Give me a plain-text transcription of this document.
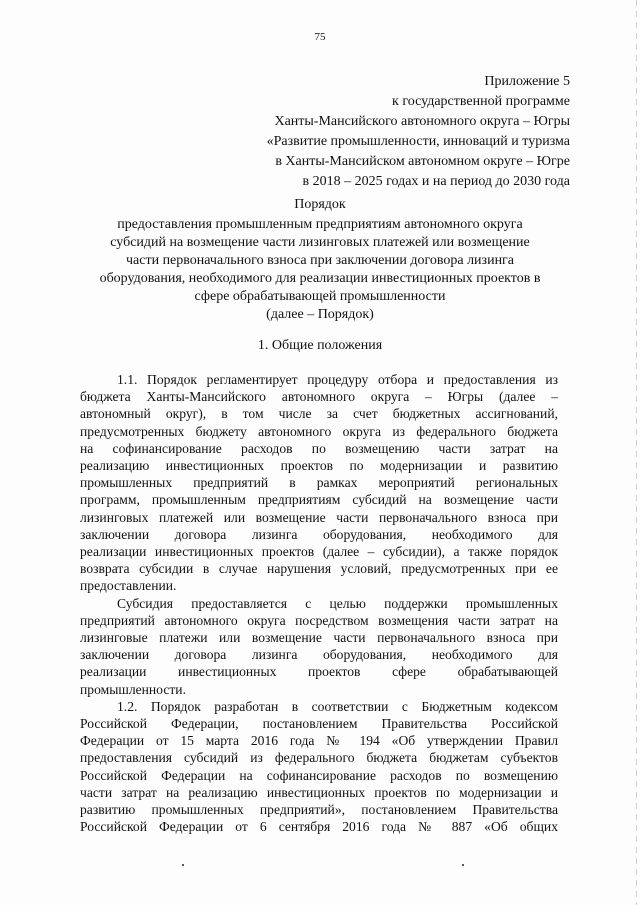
75
Приложение 5
к государственной программе
Ханты-Мансийского автономного округа – Югры
«Развитие промышленности, инноваций и туризма
в Ханты-Мансийском автономном округе – Югре
в 2018 – 2025 годах и на период до 2030 года
Порядок
предоставления промышленным предприятиям автономного округа
субсидий на возмещение части лизинговых платежей или возмещение
части первоначального взноса при заключении договора лизинга
оборудования, необходимого для реализации инвестиционных проектов в
сфере обрабатывающей промышленности
(далее – Порядок)
1. Общие положения
1.1. Порядок регламентирует процедуру отбора и предоставления из
бюджета Ханты-Мансийского автономного округа – Югры (далее –
автономный округ), в том числе за счет бюджетных ассигнований,
предусмотренных бюджету автономного округа из федерального бюджета
на софинансирование расходов по возмещению части затрат на
реализацию инвестиционных проектов по модернизации и развитию
промышленных предприятий в рамках мероприятий региональных
программ, промышленным предприятиям субсидий на возмещение части
лизинговых платежей или возмещение части первоначального взноса при
заключении договора лизинга оборудования, необходимого для
реализации инвестиционных проектов (далее – субсидии), а также порядок
возврата субсидии в случае нарушения условий, предусмотренных при ее
предоставлении.
Субсидия предоставляется с целью поддержки промышленных
предприятий автономного округа посредством возмещения части затрат на
лизинговые платежи или возмещение части первоначального взноса при
заключении договора лизинга оборудования, необходимого для
реализации инвестиционных проектов сфере обрабатывающей
промышленности.
1.2. Порядок разработан в соответствии с Бюджетным кодексом
Российской Федерации, постановлением Правительства Российской
Федерации от 15 марта 2016 года № 194 «Об утверждении Правил
предоставления субсидий из федерального бюджета бюджетам субъектов
Российской Федерации на софинансирование расходов по возмещению
части затрат на реализацию инвестиционных проектов по модернизации и
развитию промышленных предприятий», постановлением Правительства
Российской Федерации от 6 сентября 2016 года № 887 «Об общих
